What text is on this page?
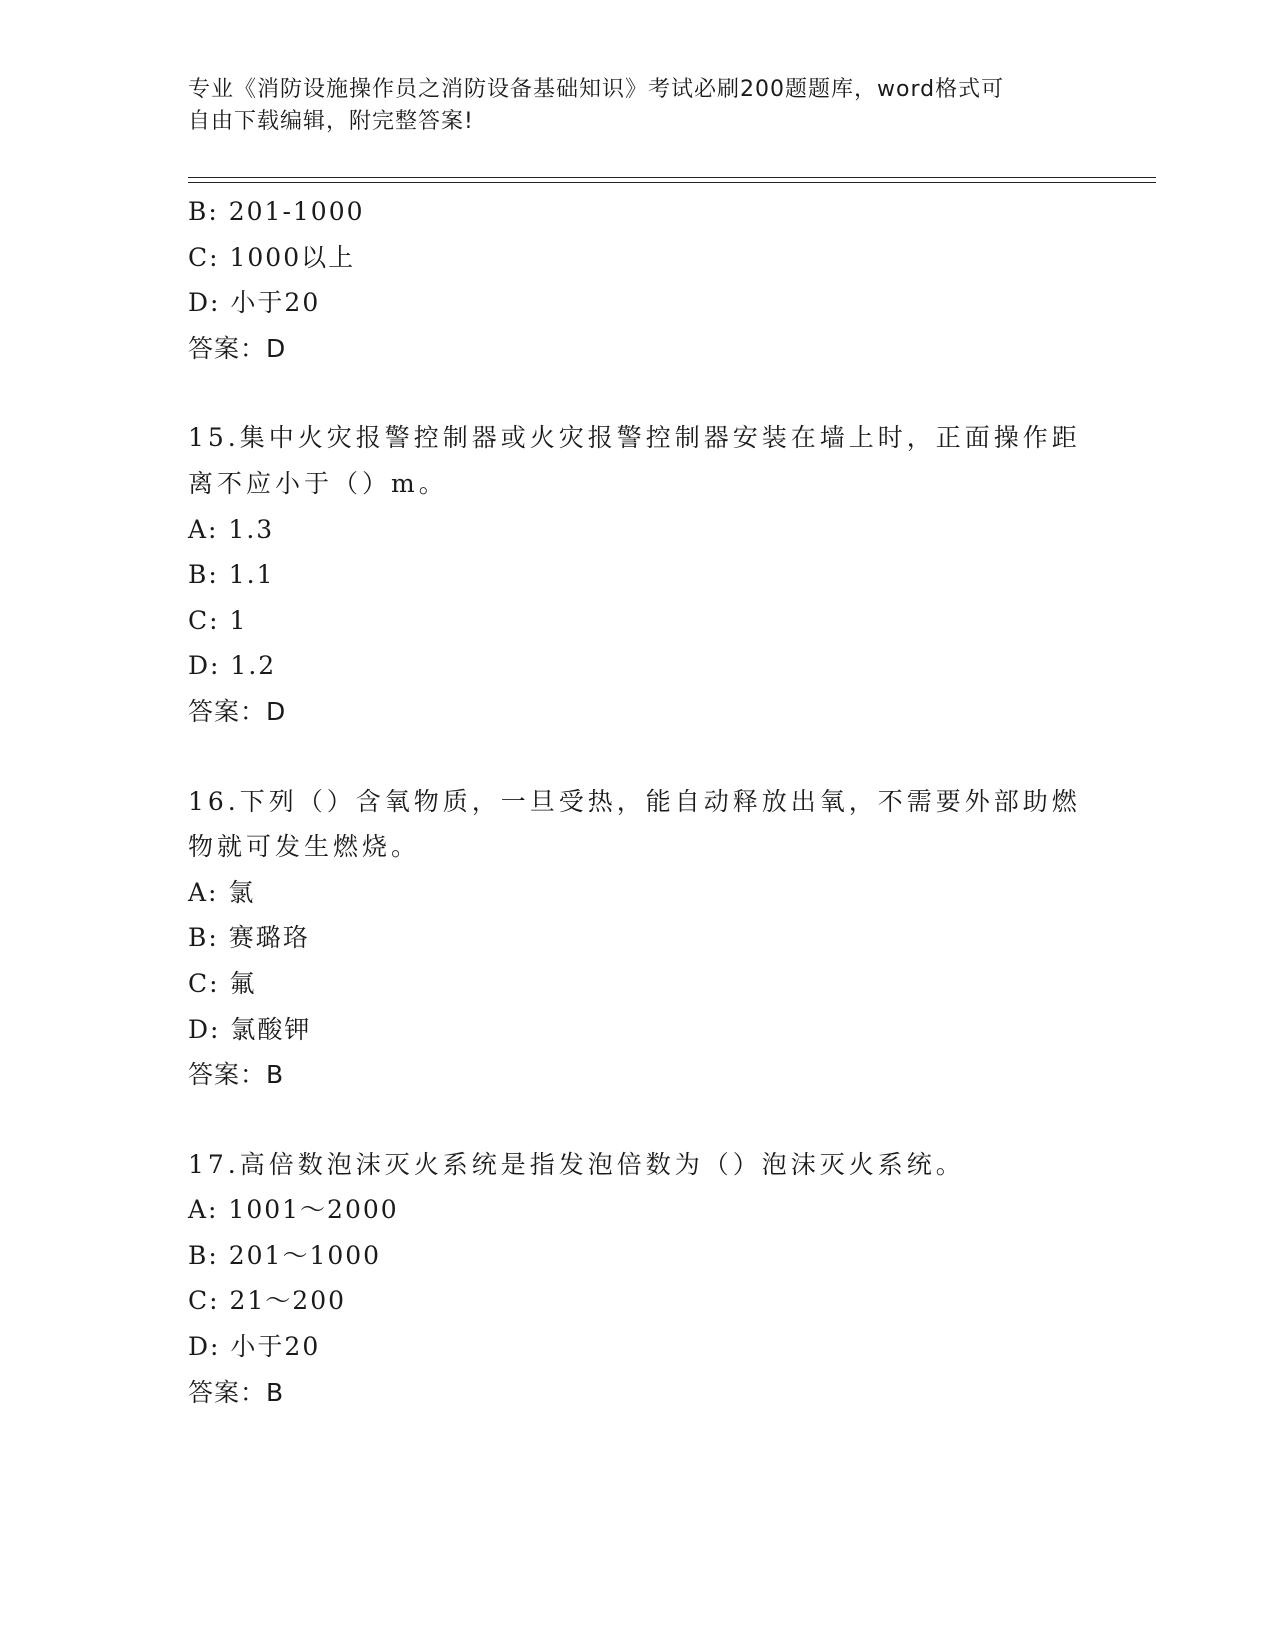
专业《消防设施操作员之消防设备基础知识》考试必刷200题题库，word格式可
自由下载编辑，附完整答案!
B: 201-1000
C: 1000以上
D: 小于20
答案：D
15.集中火灾报警控制器或火灾报警控制器安装在墙上时，正面操作距
离不应小于（）m。
A: 1.3
B: 1.1
C: 1
D: 1.2
答案：D
16.下列（）含氧物质，一旦受热，能自动释放出氧，不需要外部助燃
物就可发生燃烧。
A: 氯
B: 赛璐珞
C: 氟
D: 氯酸钾
答案：B
17.高倍数泡沫灭火系统是指发泡倍数为（）泡沫灭火系统。
A: 1001～2000
B: 201～1000
C: 21～200
D: 小于20
答案：B
